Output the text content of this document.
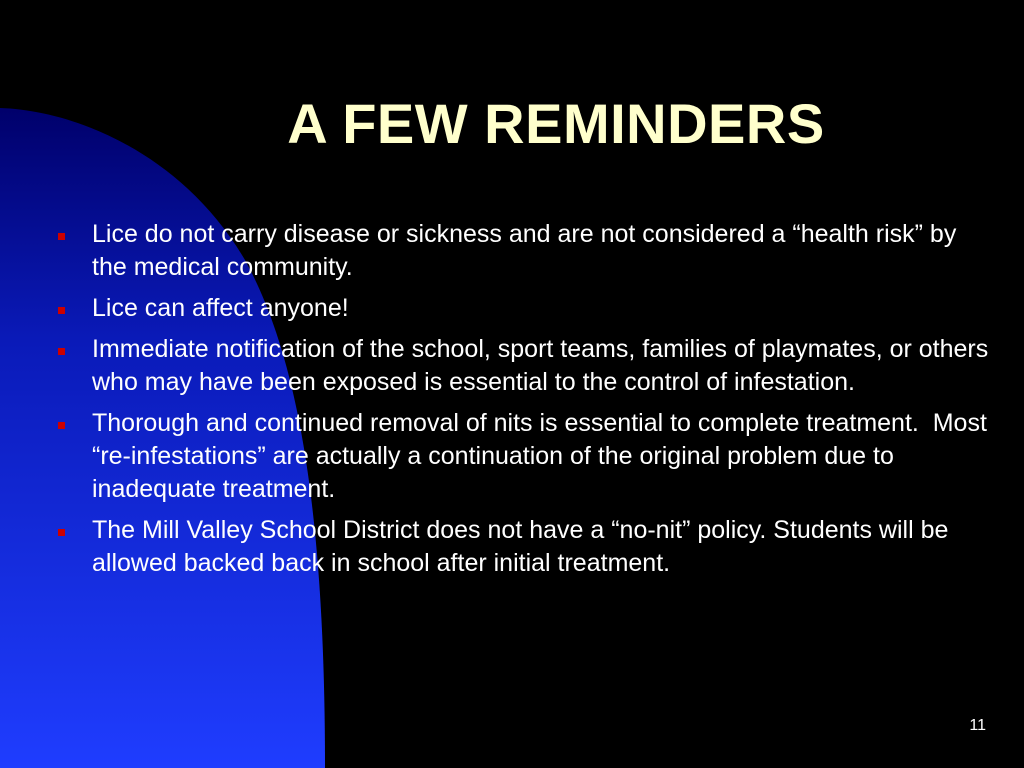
A FEW REMINDERS
Lice do not carry disease or sickness and are not considered a “health risk” by the medical community.
Lice can affect anyone!
Immediate notification of the school, sport teams, families of playmates, or others who may have been exposed is essential to the control of infestation.
Thorough and continued removal of nits is essential to complete treatment.  Most “re-infestations” are actually a continuation of the original problem due to inadequate treatment.
The Mill Valley School District does not have a “no-nit” policy. Students will be allowed backed back in school after initial treatment.
11
